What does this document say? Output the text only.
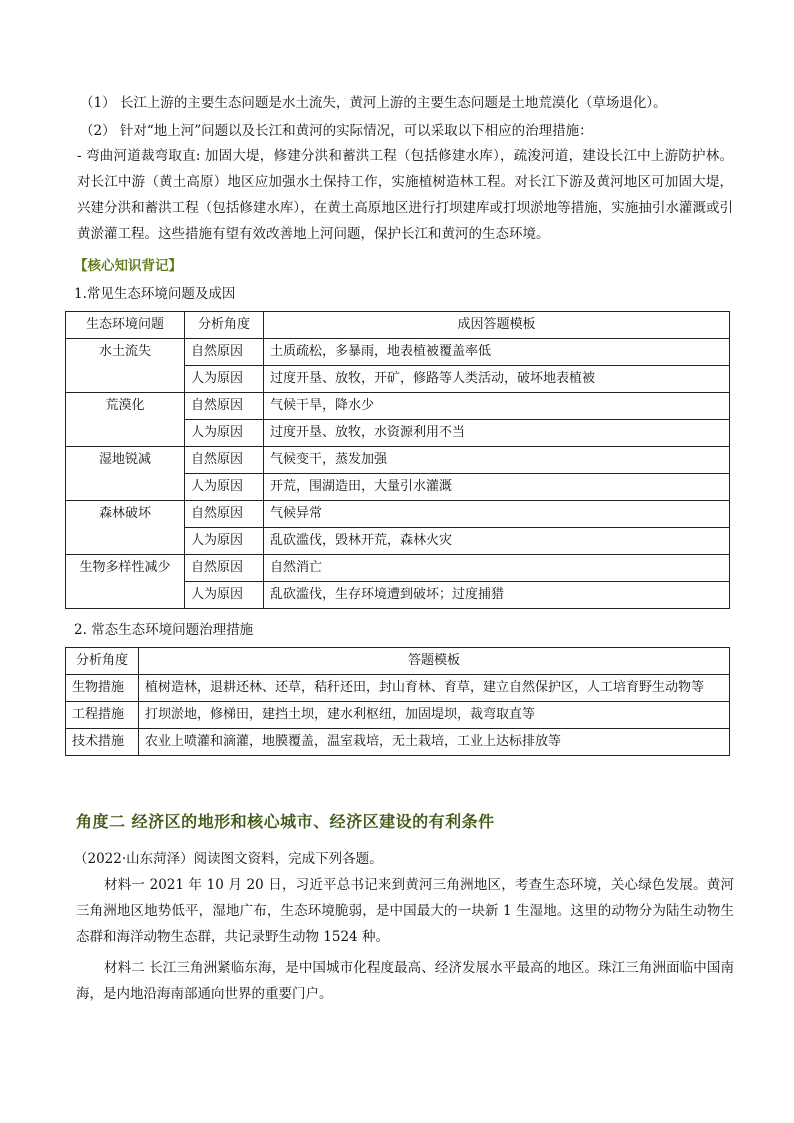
（1） 长江上游的主要生态问题是水土流失，黄河上游的主要生态问题是土地荒漠化（草场退化）。
（2） 针对“地上河”问题以及长江和黄河的实际情况，可以采取以下相应的治理措施：
- 弯曲河道裁弯取直: 加固大堤，修建分洪和蓄洪工程（包括修建水库），疏浚河道，建设长江中上游防护林。对长江中游（黄土高原）地区应加强水土保持工作，实施植树造林工程。对长江下游及黄河地区可加固大堤，兴建分洪和蓄洪工程（包括修建水库），在黄土高原地区进行打坝建库或打坝淤地等措施，实施抽引水灌溉或引黄淤灌工程。这些措施有望有效改善地上河问题，保护长江和黄河的生态环境。
【核心知识背记】
1.常见生态环境问题及成因
生态环境问题	分析角度	成因答题模板
水土流失	自然原因	土质疏松，多暴雨，地表植被覆盖率低
	人为原因	过度开垦、放牧，开矿，修路等人类活动，破坏地表植被
荒漠化	自然原因	气候干旱，降水少
	人为原因	过度开垦、放牧，水资源利用不当
湿地锐减	自然原因	气候变干，蒸发加强
	人为原因	开荒，围湖造田，大量引水灌溉
森林破坏	自然原因	气候异常
	人为原因	乱砍滥伐，毁林开荒，森林火灾
生物多样性减少	自然原因	自然消亡
	人为原因	乱砍滥伐，生存环境遭到破坏；过度捕猎
2. 常态生态环境问题治理措施
分析角度	答题模板
生物措施	植树造林，退耕还林、还草，秸秆还田，封山育林、育草，建立自然保护区，人工培育野生动物等
工程措施	打坝淤地，修梯田，建挡土坝，建水利枢纽，加固堤坝，裁弯取直等
技术措施	农业上喷灌和滴灌，地膜覆盖，温室栽培，无土栽培，工业上达标排放等
角度二 经济区的地形和核心城市、经济区建设的有利条件
（2022·山东菏泽）阅读图文资料，完成下列各题。
材料一 2021 年 10 月 20 日，习近平总书记来到黄河三角洲地区，考查生态环境，关心绿色发展。黄河三角洲地区地势低平，湿地广布，生态环境脆弱，是中国最大的一块新 1 生湿地。这里的动物分为陆生动物生态群和海洋动物生态群，共记录野生动物 1524 种。
材料二 长江三角洲紧临东海，是中国城市化程度最高、经济发展水平最高的地区。珠江三角洲面临中国南海，是内地沿海南部通向世界的重要门户。
